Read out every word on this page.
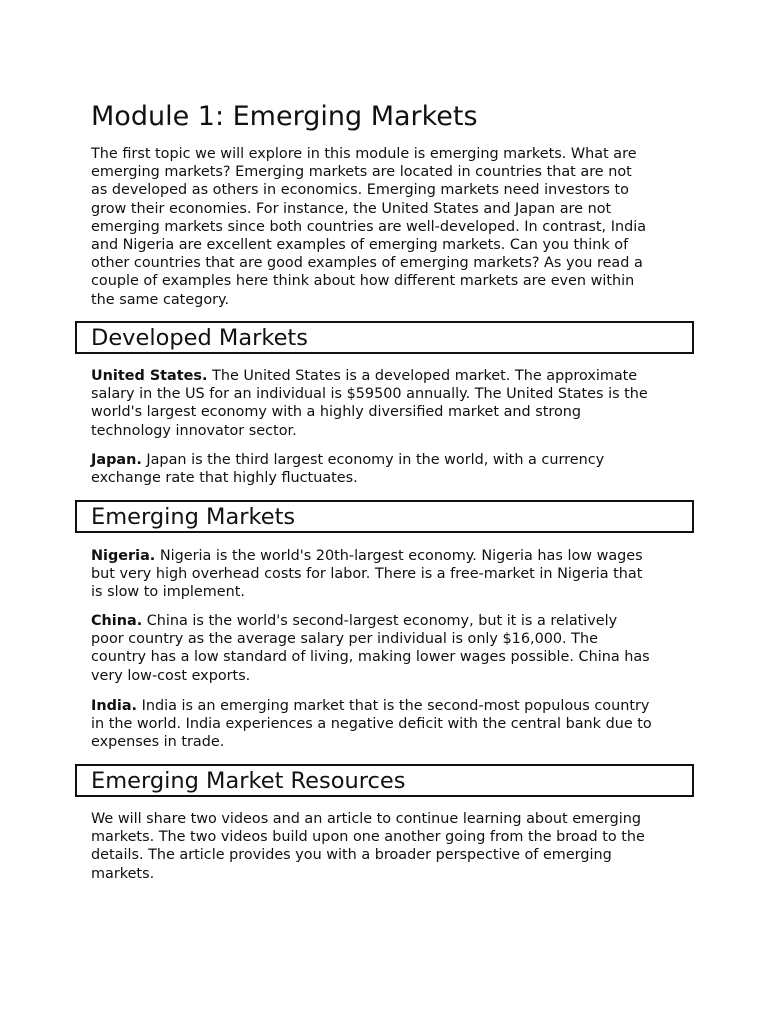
Module 1: Emerging Markets

The first topic we will explore in this module is emerging markets. What are
emerging markets? Emerging markets are located in countries that are not
as developed as others in economics. Emerging markets need investors to
grow their economies. For instance, the United States and Japan are not
emerging markets since both countries are well-developed. In contrast, India
and Nigeria are excellent examples of emerging markets. Can you think of
other countries that are good examples of emerging markets? As you read a
couple of examples here think about how different markets are even within
the same category.

Developed Markets

United States. The United States is a developed market. The approximate
salary in the US for an individual is $59500 annually. The United States is the
world's largest economy with a highly diversified market and strong
technology innovator sector.

Japan. Japan is the third largest economy in the world, with a currency
exchange rate that highly fluctuates.

Emerging Markets

Nigeria. Nigeria is the world's 20th-largest economy. Nigeria has low wages
but very high overhead costs for labor. There is a free-market in Nigeria that
is slow to implement.

China. China is the world's second-largest economy, but it is a relatively
poor country as the average salary per individual is only $16,000. The
country has a low standard of living, making lower wages possible. China has
very low-cost exports.

India. India is an emerging market that is the second-most populous country
in the world. India experiences a negative deficit with the central bank due to
expenses in trade.

Emerging Market Resources

We will share two videos and an article to continue learning about emerging
markets. The two videos build upon one another going from the broad to the
details. The article provides you with a broader perspective of emerging
markets.
